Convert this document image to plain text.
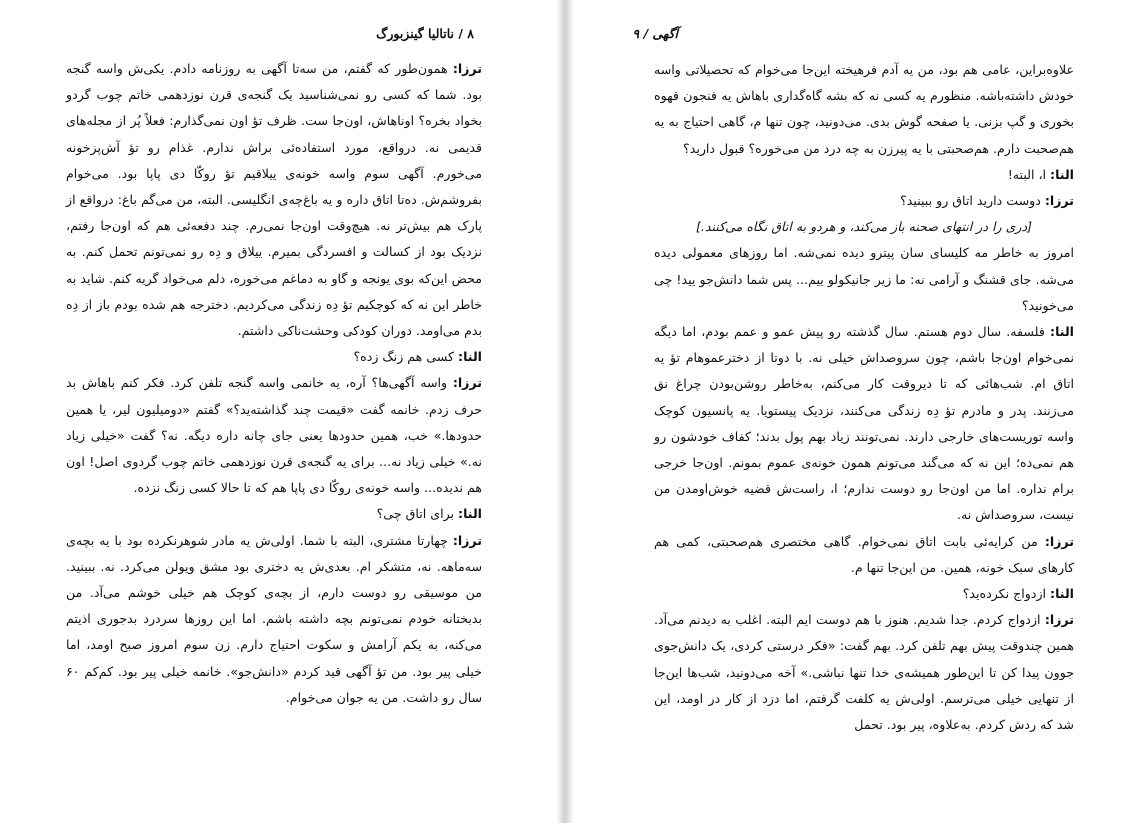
۸ / ناتالیا گینزبورگ

ترزا: همون‌طور که گفتم، من سه‌تا آگهی به روزنامه دادم. یکی‌ش واسه گنجه بود. شما که کسی رو نمی‌شناسید یک گنجه‌ی قرن نوزدهمی خاتم چوب گردو بخواد بخره؟ اوناهاش، اون‌جا ست. ظرف تؤ اون نمی‌گذارم: فعلاً پُر از مجله‌های قدیمی نه. درواقع، مورد استفاده‌ئی براش ندارم. غذام رو تؤ آش‌پزخونه می‌خورم. آگهی سوم واسه خونه‌ی ییلاقیم تؤ روکّا دی پاپا بود. می‌خوام بفروشم‌ش. ده‌تا اتاق داره و یه باغ‌چه‌ی انگلیسی. البته، من می‌گم باغ: درواقع از پارک هم بیش‌تر نه. هیچ‌وقت اون‌جا نمی‌رم. چند دفعه‌ئی هم که اون‌جا رفتم، نزدیک بود از کسالت و افسردگی بمیرم. ییلاق و دِه رو نمی‌تونم تحمل کنم. به محض این‌که بوی یونجه و گاو به دماغم می‌خوره، دلم می‌خواد گریه کنم. شاید به خاطر این نه که کوچکیم تؤ دِه زندگی می‌کردیم. دخترجه هم شده بودم باز از دِه بدم می‌اومد. دوران کودکی وحشت‌ناکی داشتم.

النا: کسی هم زنگ زده؟

ترزا: واسه آگهی‌ها؟ آره، یه خانمی واسه گنجه تلفن کرد. فکر کنم باهاش بد حرف زدم. خانمه گفت «قیمت چند گذاشته‌ید؟» گفتم «دومیلیون لیر، یا همین حدودها.» خب، همین حدودها یعنی جای چانه داره دیگه. نه؟ گفت «خیلی زیاد نه.» خیلی زیاد نه... برای یه گنجه‌ی قرن نوزدهمی خاتم چوب گردوی اصل! اون هم ندیده... واسه خونه‌ی روکّا دی پاپا هم که تا حالا کسی زنگ نزده.

النا: برای اتاق چی؟

ترزا: چهارتا مشتری، البته با شما. اولی‌ش یه مادر شوهرنکرده بود با یه بچه‌ی سه‌ماهه. نه، متشکر ام. بعدی‌ش یه دختری بود مشق ویولن می‌کرد. نه. ببینید. من موسیقی رو دوست دارم، از بچه‌ی کوچک هم خیلی خوشم می‌آد. من بدبختانه خودم نمی‌تونم بچه داشته باشم. اما این روزها سردرد بدجوری اذیتم می‌کنه، به یکم آرامش و سکوت احتیاج دارم. زن سوم امروز صبح اومد، اما خیلی پیر بود. من تؤ آگهی قید کردم «دانش‌جو». خانمه خیلی پیر بود. کم‌کم ۶۰ سال رو داشت. من یه جوان می‌خوام.

آگهی / ۹

علاوه‌براین، عامی هم بود، من یه آدم فرهیخته این‌جا می‌خوام که تحصیلاتی واسه خودش داشته‌باشه. منظورم یه کسی نه که بشه گاه‌گداری باهاش یه فنجون قهوه بخوری و گپ بزنی. یا صفحه گوش بدی. می‌دونید، چون تنها م، گاهی احتیاج به یه هم‌صحبت دارم. هم‌صحبتی با یه پیرزن به چه درد من می‌خوره؟ قبول دارید؟

النا: ا، البته!

ترزا: دوست دارید اتاق رو ببینید؟

[دری را در انتهای صحنه باز می‌کند، و هردو به اتاق نگاه می‌کنند.]

امروز به خاطر مه کلیسای سان پیترو دیده نمی‌شه. اما روزهای معمولی دیده می‌شه. جای قشنگ و آرامی نه: ما زیر جانیکولو ییم... پس شما دانش‌جو یید! چی می‌خونید؟

النا: فلسفه. سال دوم هستم. سال گذشته رو پیش عمو و عمم بودم، اما دیگه نمی‌خوام اون‌جا باشم، چون سروصداش خیلی نه. با دوتا از دخترعموهام تؤ یه اتاق ام. شب‌هائی که تا دیروقت کار می‌کنم، به‌خاطر روشن‌بودن چراغ نق می‌زنند. پدر و مادرم تؤ دِه زندگی می‌کنند، نزدیک پیستویا. یه پانسیون کوچک واسه توریست‌های خارجی دارند. نمی‌تونند زیاد بهم پول بدند؛ کفاف خودشون رو هم نمی‌ده؛ این نه که می‌گند می‌تونم همون خونه‌ی عموم بمونم. اون‌جا خرجی برام نداره. اما من اون‌جا رو دوست ندارم؛ ا، راست‌ش قضیه خوش‌اومدن من نیست، سروصداش نه.

ترزا: من کرایه‌ئی بابت اتاق نمی‌خوام. گاهی مختصری هم‌صحبتی، کمی هم کارهای سبک خونه، همین. من این‌جا تنها م.

النا: ازدواج نکرده‌ید؟

ترزا: ازدواج کردم. جدا شدیم. هنوز با هم دوست ایم البته. اغلب به دیدنم می‌آد. همین چندوقت پیش بهم تلفن کرد. بهم گفت: «فکر درستی کردی، یک دانش‌جوی جوون پیدا کن تا این‌طور همیشه‌ی خدا تنها نباشی.» آخه می‌دونید، شب‌ها این‌جا از تنهایی خیلی می‌ترسم. اولی‌ش یه کلفت گرفتم، اما دزد از کار در اومد، این شد که ردش کردم. به‌علاوه، پیر بود. تحمل
